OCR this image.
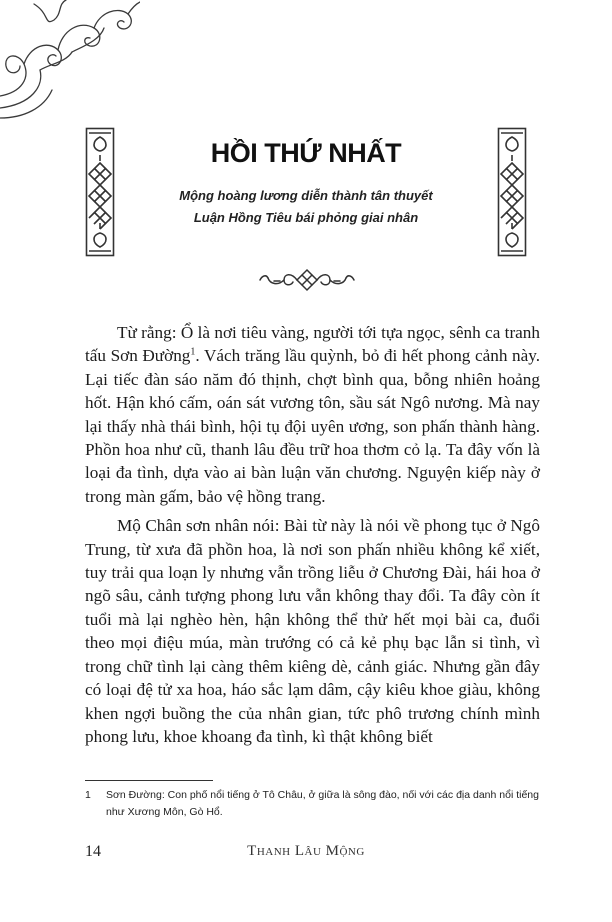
HỒI THỨ NHẤT
Mộng hoàng lương diễn thành tân thuyết
Luận Hồng Tiêu bái phỏng giai nhân

Từ rằng: Ổ là nơi tiêu vàng, người tới tựa ngọc, sênh ca tranh tấu Sơn Đường$^1$. Vách trăng lầu quỳnh, bỏ đi hết phong cảnh này. Lại tiếc đàn sáo năm đó thịnh, chợt bình qua, bỗng nhiên hoảng hốt. Hận khó cấm, oán sát vương tôn, sầu sát Ngô nương. Mà nay lại thấy nhà thái bình, hội tụ đội uyên ương, son phấn thành hàng. Phồn hoa như cũ, thanh lâu đều trữ hoa thơm cỏ lạ. Ta đây vốn là loại đa tình, dựa vào ai bàn luận văn chương. Nguyện kiếp này ở trong màn gấm, bảo vệ hồng trang.

Mộ Chân sơn nhân nói: Bài từ này là nói về phong tục ở Ngô Trung, từ xưa đã phồn hoa, là nơi son phấn nhiều không kể xiết, tuy trải qua loạn ly nhưng vẫn trồng liễu ở Chương Đài, hái hoa ở ngõ sâu, cảnh tượng phong lưu vẫn không thay đổi. Ta đây còn ít tuổi mà lại nghèo hèn, hận không thể thử hết mọi bài ca, đuổi theo mọi điệu múa, màn trướng có cả kẻ phụ bạc lẫn si tình, vì trong chữ tình lại càng thêm kiêng dè, cảnh giác. Nhưng gần đây có loại đệ tử xa hoa, háo sắc lạm dâm, cậy kiêu khoe giàu, không khen ngợi buồng the của nhân gian, tức phô trương chính mình phong lưu, khoe khoang đa tình, kì thật không biết

1	Sơn Đường: Con phố nổi tiếng ở Tô Châu, ở giữa là sông đào, nối với các địa danh nổi tiếng như Xương Môn, Gò Hổ.
14	Thanh Lâu Mộng
